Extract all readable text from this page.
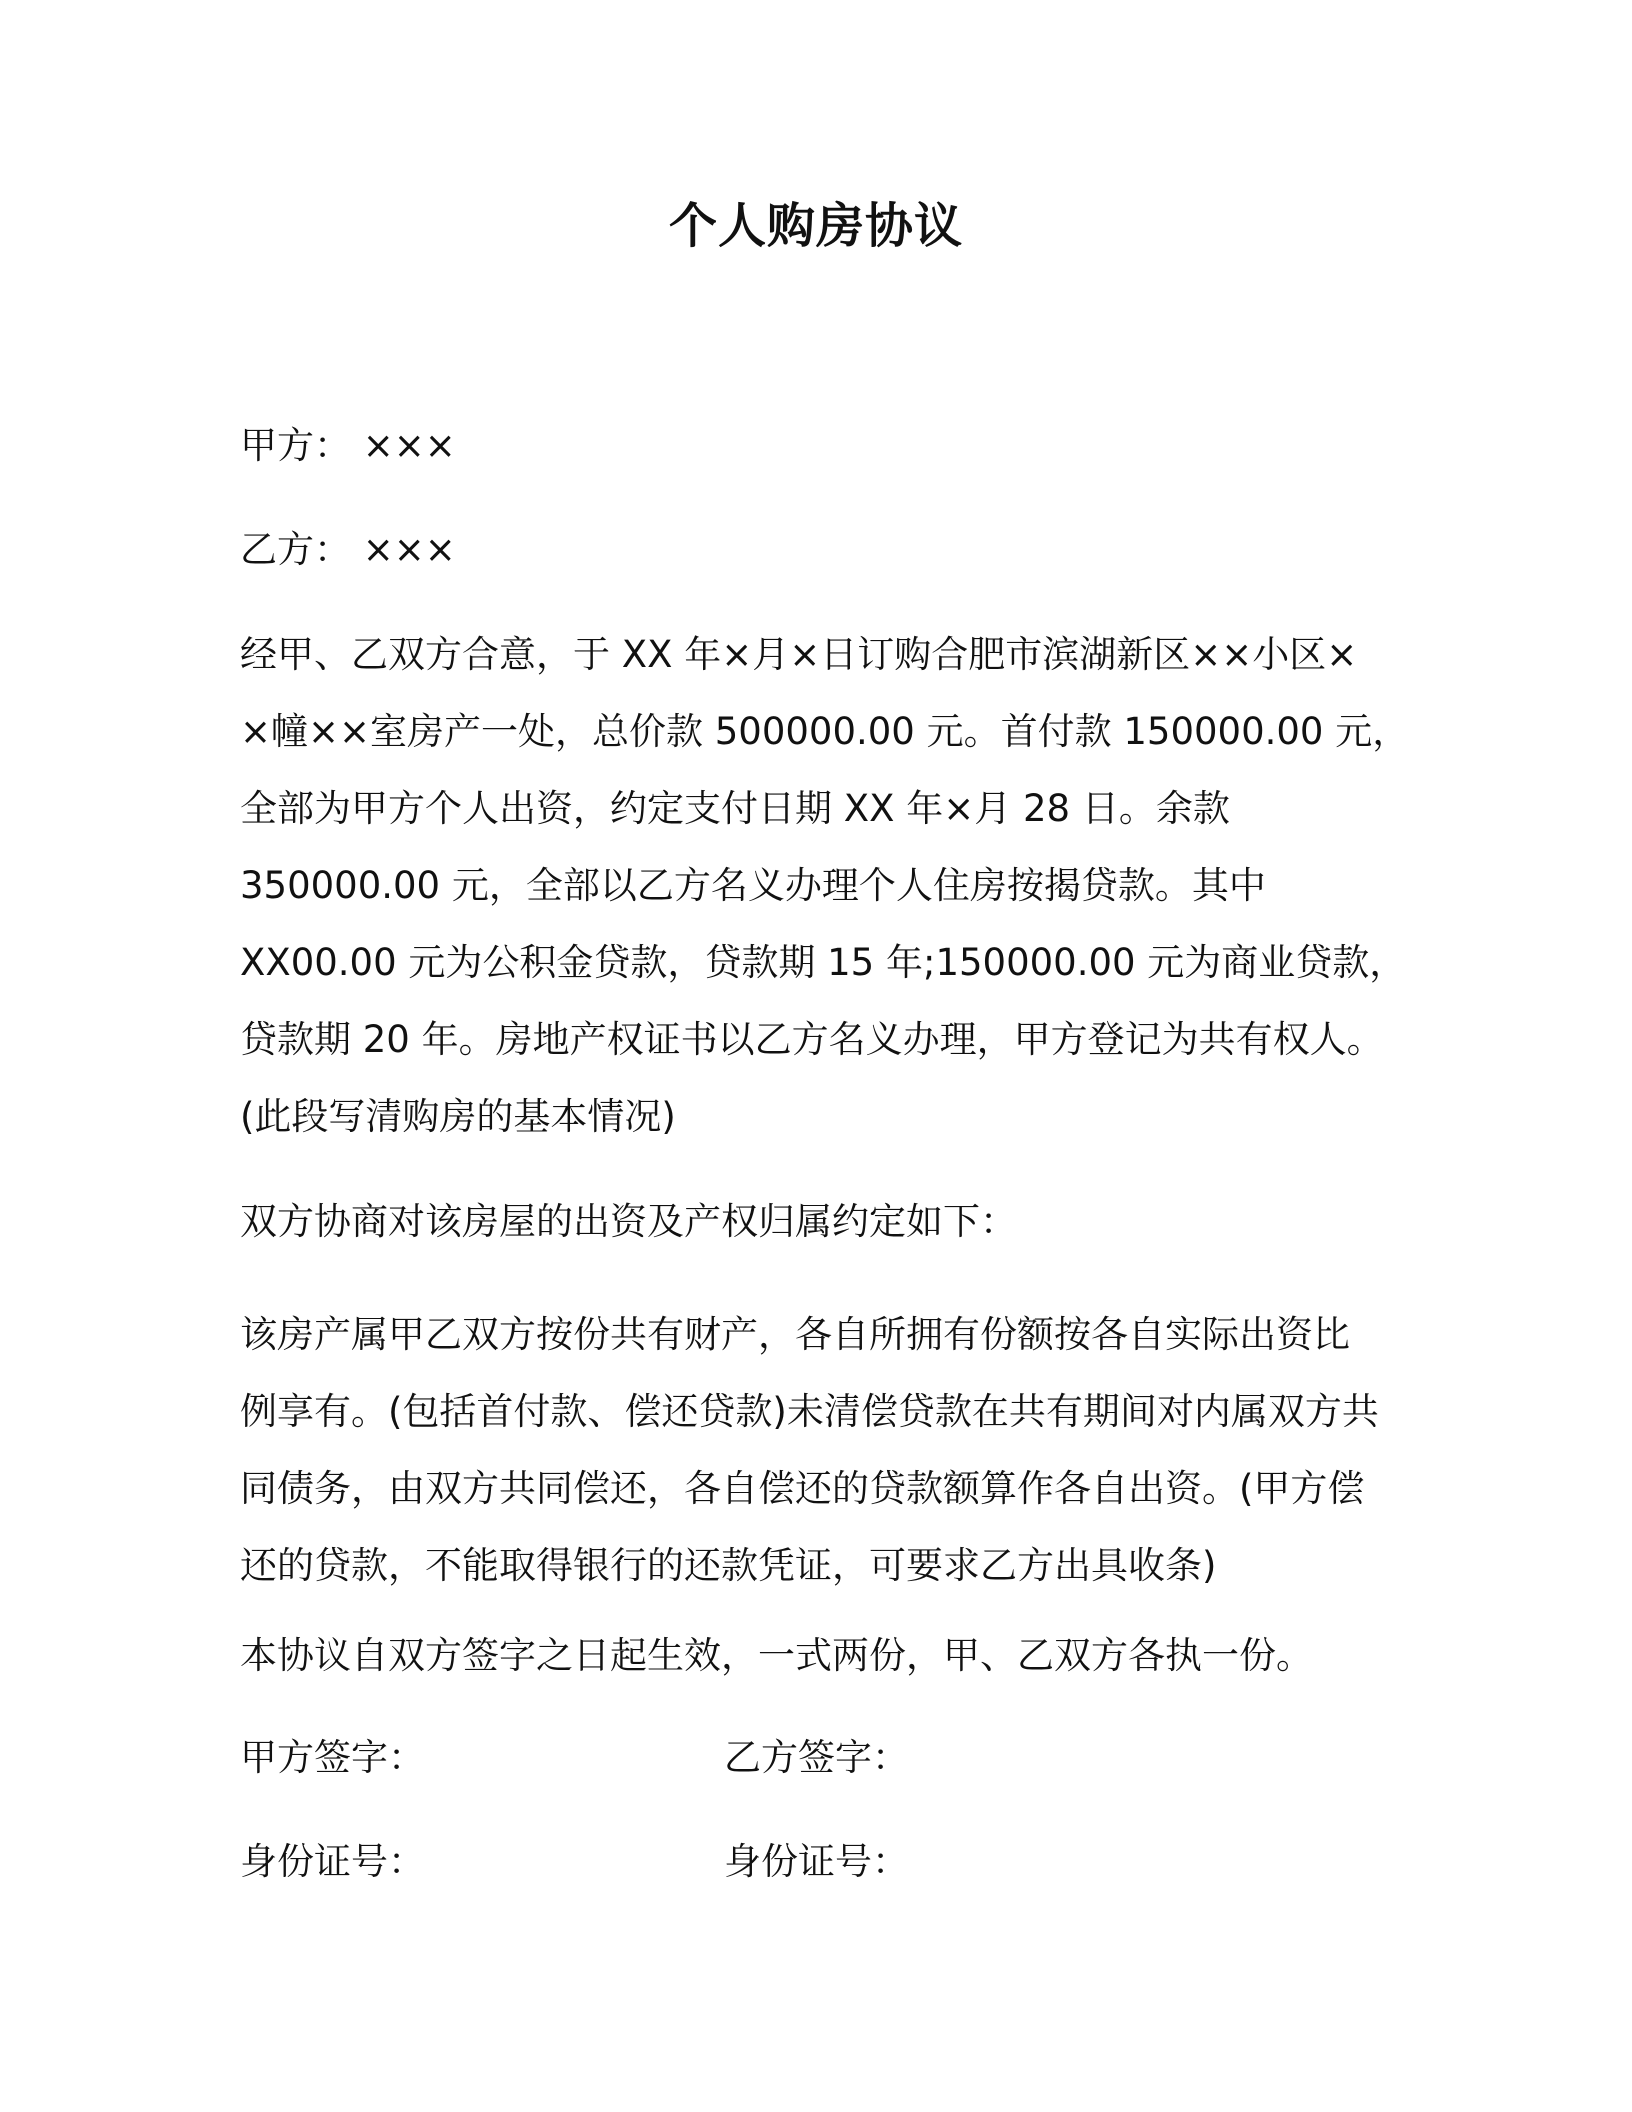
个人购房协议
甲方： ×××
乙方： ×××
经甲、乙双方合意，于 XX 年×月×日订购合肥市滨湖新区××小区×
×幢××室房产一处，总价款 500000.00 元。首付款 150000.00 元，
全部为甲方个人出资，约定支付日期 XX 年×月 28 日。余款
350000.00 元，全部以乙方名义办理个人住房按揭贷款。其中
XX00.00 元为公积金贷款，贷款期 15 年;150000.00 元为商业贷款，
贷款期 20 年。房地产权证书以乙方名义办理，甲方登记为共有权人。
(此段写清购房的基本情况)
双方协商对该房屋的出资及产权归属约定如下：
该房产属甲乙双方按份共有财产，各自所拥有份额按各自实际出资比
例享有。(包括首付款、偿还贷款)未清偿贷款在共有期间对内属双方共
同债务，由双方共同偿还，各自偿还的贷款额算作各自出资。(甲方偿
还的贷款，不能取得银行的还款凭证，可要求乙方出具收条)
本协议自双方签字之日起生效，一式两份，甲、乙双方各执一份。
甲方签字：	乙方签字：
身份证号：	身份证号：
